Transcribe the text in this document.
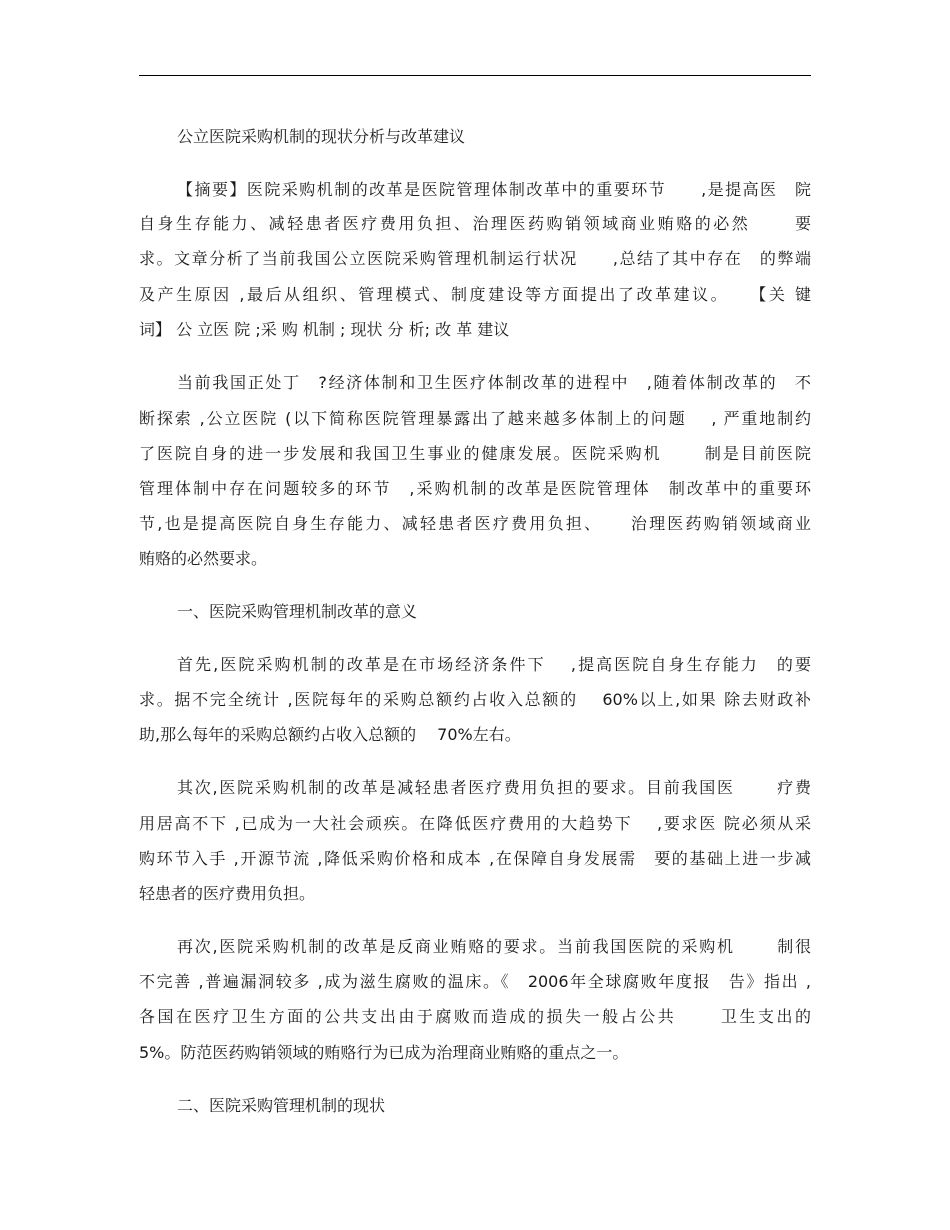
公立医院采购机制的现状分析与改革建议
【摘要】医院采购机制的改革是医院管理体制改革中的重要环节　　,是提高医　院
自身生存能力、减轻患者医疗费用负担、治理医药购销领域商业贿赂的必然　　 要
求。文章分析了当前我国公立医院采购管理机制运行状况　　,总结了其中存在　的弊端
及产生原因 ,最后从组织、管理模式、制度建设等方面提出了改革建议。　　【关 键
词】 公 立医 院 ;采 购 机制 ; 现状 分 析; 改 革 建议
当前我国正处丁　?经济体制和卫生医疗体制改革的进程中　,随着体制改革的　不
断探索 ,公立医院 (以下简称医院管理暴露出了越来越多体制上的问题　 , 严重地制约
了医院自身的进一步发展和我国卫生事业的健康发展。医院采购机　　 制是目前医院
管理体制中存在问题较多的环节　,采购机制的改革是医院管理体　制改革中的重要环
节,也是提高医院自身生存能力、减轻患者医疗费用负担、　　治理医药购销领域商业
贿赂的必然要求。
一、医院采购管理机制改革的意义
首先,医院采购机制的改革是在市场经济条件下　 ,提高医院自身生存能力　的要
求。据不完全统计 ,医院每年的采购总额约占收入总额的　 60%以上,如果 除去财政补
助,那么每年的采购总额约占收入总额的　 70%左右。
其次,医院采购机制的改革是减轻患者医疗费用负担的要求。目前我国医　　 疗费
用居高不下 ,已成为一大社会顽疾。在降低医疗费用的大趋势下　 ,要求医 院必须从采
购环节入手 ,开源节流 ,降低采购价格和成本 ,在保障自身发展需　要的基础上进一步减
轻患者的医疗费用负担。
再次,医院采购机制的改革是反商业贿赂的要求。当前我国医院的采购机　　 制很
不完善 ,普遍漏洞较多 ,成为滋生腐败的温床。《　2006年全球腐败年度报　告》指出 ,
各国在医疗卫生方面的公共支出由于腐败而造成的损失一般占公共　　 卫生支出的
5%。防范医药购销领域的贿赂行为已成为治理商业贿赂的重点之一。
二、医院采购管理机制的现状
